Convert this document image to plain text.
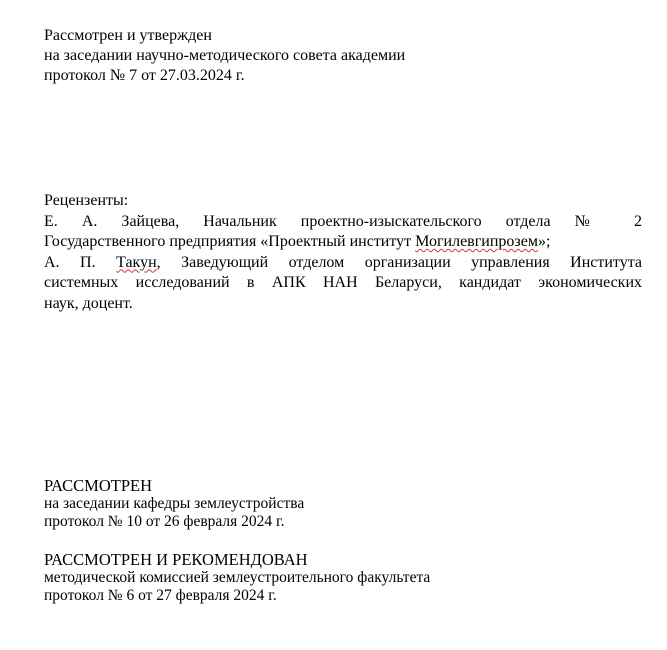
Рассмотрен и утвержден
на заседании научно-методического совета академии
протокол № 7 от 27.03.2024 г.
Рецензенты:
Е. А. Зайцева, Начальник проектно-изыскательского отдела № 2
Государственного предприятия «Проектный институт Могилевгипрозем»;
А. П. Такун, Заведующий отделом организации управления Института
системных исследований в АПК НАН Беларуси, кандидат экономических
наук, доцент.
РАССМОТРЕН
на заседании кафедры землеустройства
протокол № 10 от 26 февраля 2024 г.
РАССМОТРЕН И РЕКОМЕНДОВАН
методической комиссией землеустроительного факультета
протокол № 6 от 27 февраля 2024 г.
